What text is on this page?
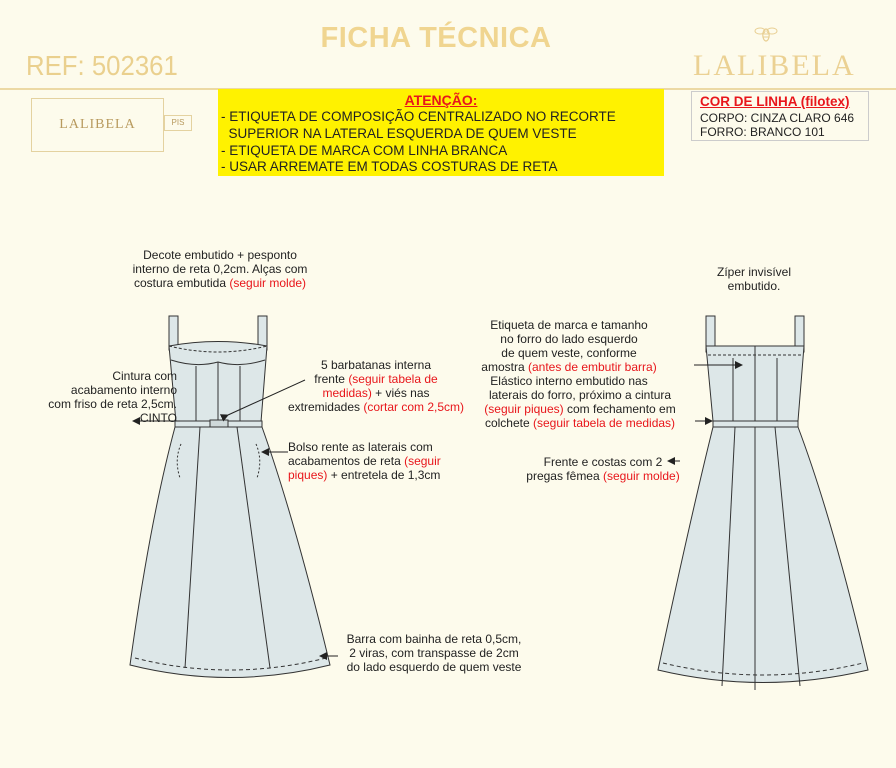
FICHA TÉCNICA
REF: 502361	LALIBELA
LALIBELA	PIS
ATENÇÃO:
- ETIQUETA DE COMPOSIÇÃO CENTRALIZADO NO RECORTE
SUPERIOR NA LATERAL ESQUERDA DE QUEM VESTE
- ETIQUETA DE MARCA COM LINHA BRANCA
- USAR ARREMATE EM TODAS COSTURAS DE RETA
COR DE LINHA (filotex)
CORPO: CINZA CLARO 646
FORRO: BRANCO 101
Decote embutido + pesponto
interno de reta 0,2cm. Alças com
costura embutida (seguir molde)
Cintura com
acabamento interno
com friso de reta 2,5cm.
CINTO
5 barbatanas interna
frente (seguir tabela de
medidas) + viés nas
extremidades (cortar com 2,5cm)
Bolso rente as laterais com
acabamentos de reta (seguir
piques) + entretela de 1,3cm
Barra com bainha de reta 0,5cm,
2 viras, com transpasse de 2cm
do lado esquerdo de quem veste
Zíper invisível
embutido.
Etiqueta de marca e tamanho
no forro do lado esquerdo
de quem veste, conforme
amostra (antes de embutir barra)
Elástico interno embutido nas
laterais do forro, próximo a cintura
(seguir piques) com fechamento em
colchete (seguir tabela de medidas)
Frente e costas com 2
pregas fêmea (seguir molde)
